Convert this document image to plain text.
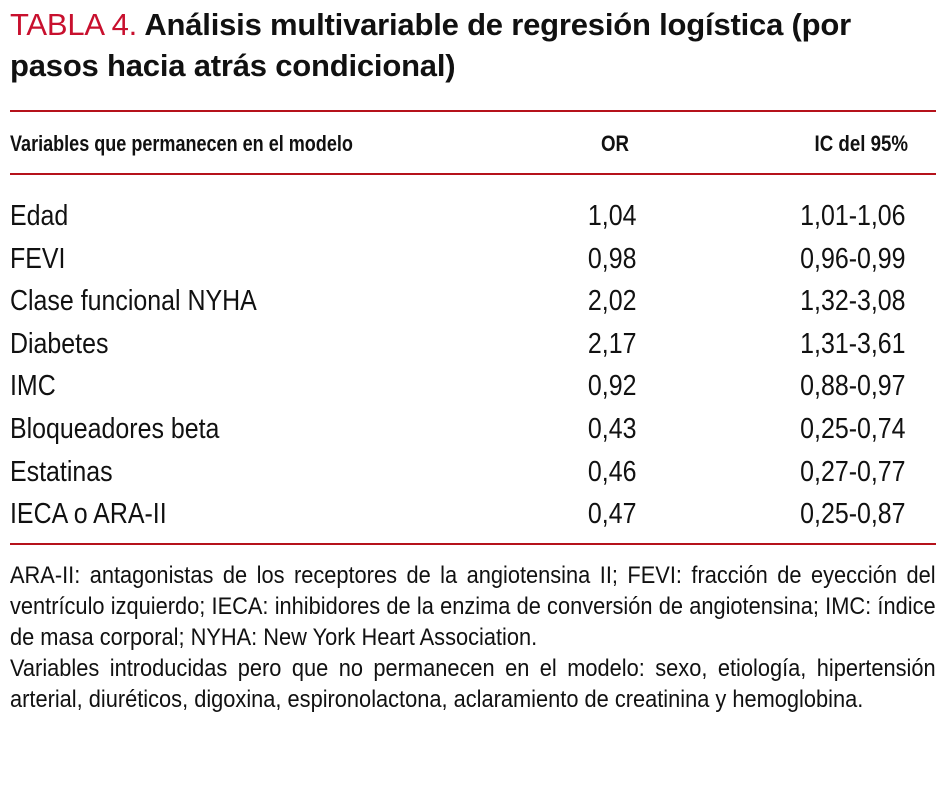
TABLA 4. Análisis multivariable de regresión logística (por pasos hacia atrás condicional)
Variables que permanecen en el modelo	OR	IC del 95%
Edad	1,04	1,01-1,06
FEVI	0,98	0,96-0,99
Clase funcional NYHA	2,02	1,32-3,08
Diabetes	2,17	1,31-3,61
IMC	0,92	0,88-0,97
Bloqueadores beta	0,43	0,25-0,74
Estatinas	0,46	0,27-0,77
IECA o ARA-II	0,47	0,25-0,87

ARA-II: antagonistas de los receptores de la angiotensina II; FEVI: fracción de eyección del ventrículo izquierdo; IECA: inhibidores de la enzima de conversión de angiotensina; IMC: índice de masa corporal; NYHA: New York Heart Association.

Variables introducidas pero que no permanecen en el modelo: sexo, etiología, hipertensión arterial, diuréticos, digoxina, espironolactona, aclaramiento de creatinina y hemoglobina.
